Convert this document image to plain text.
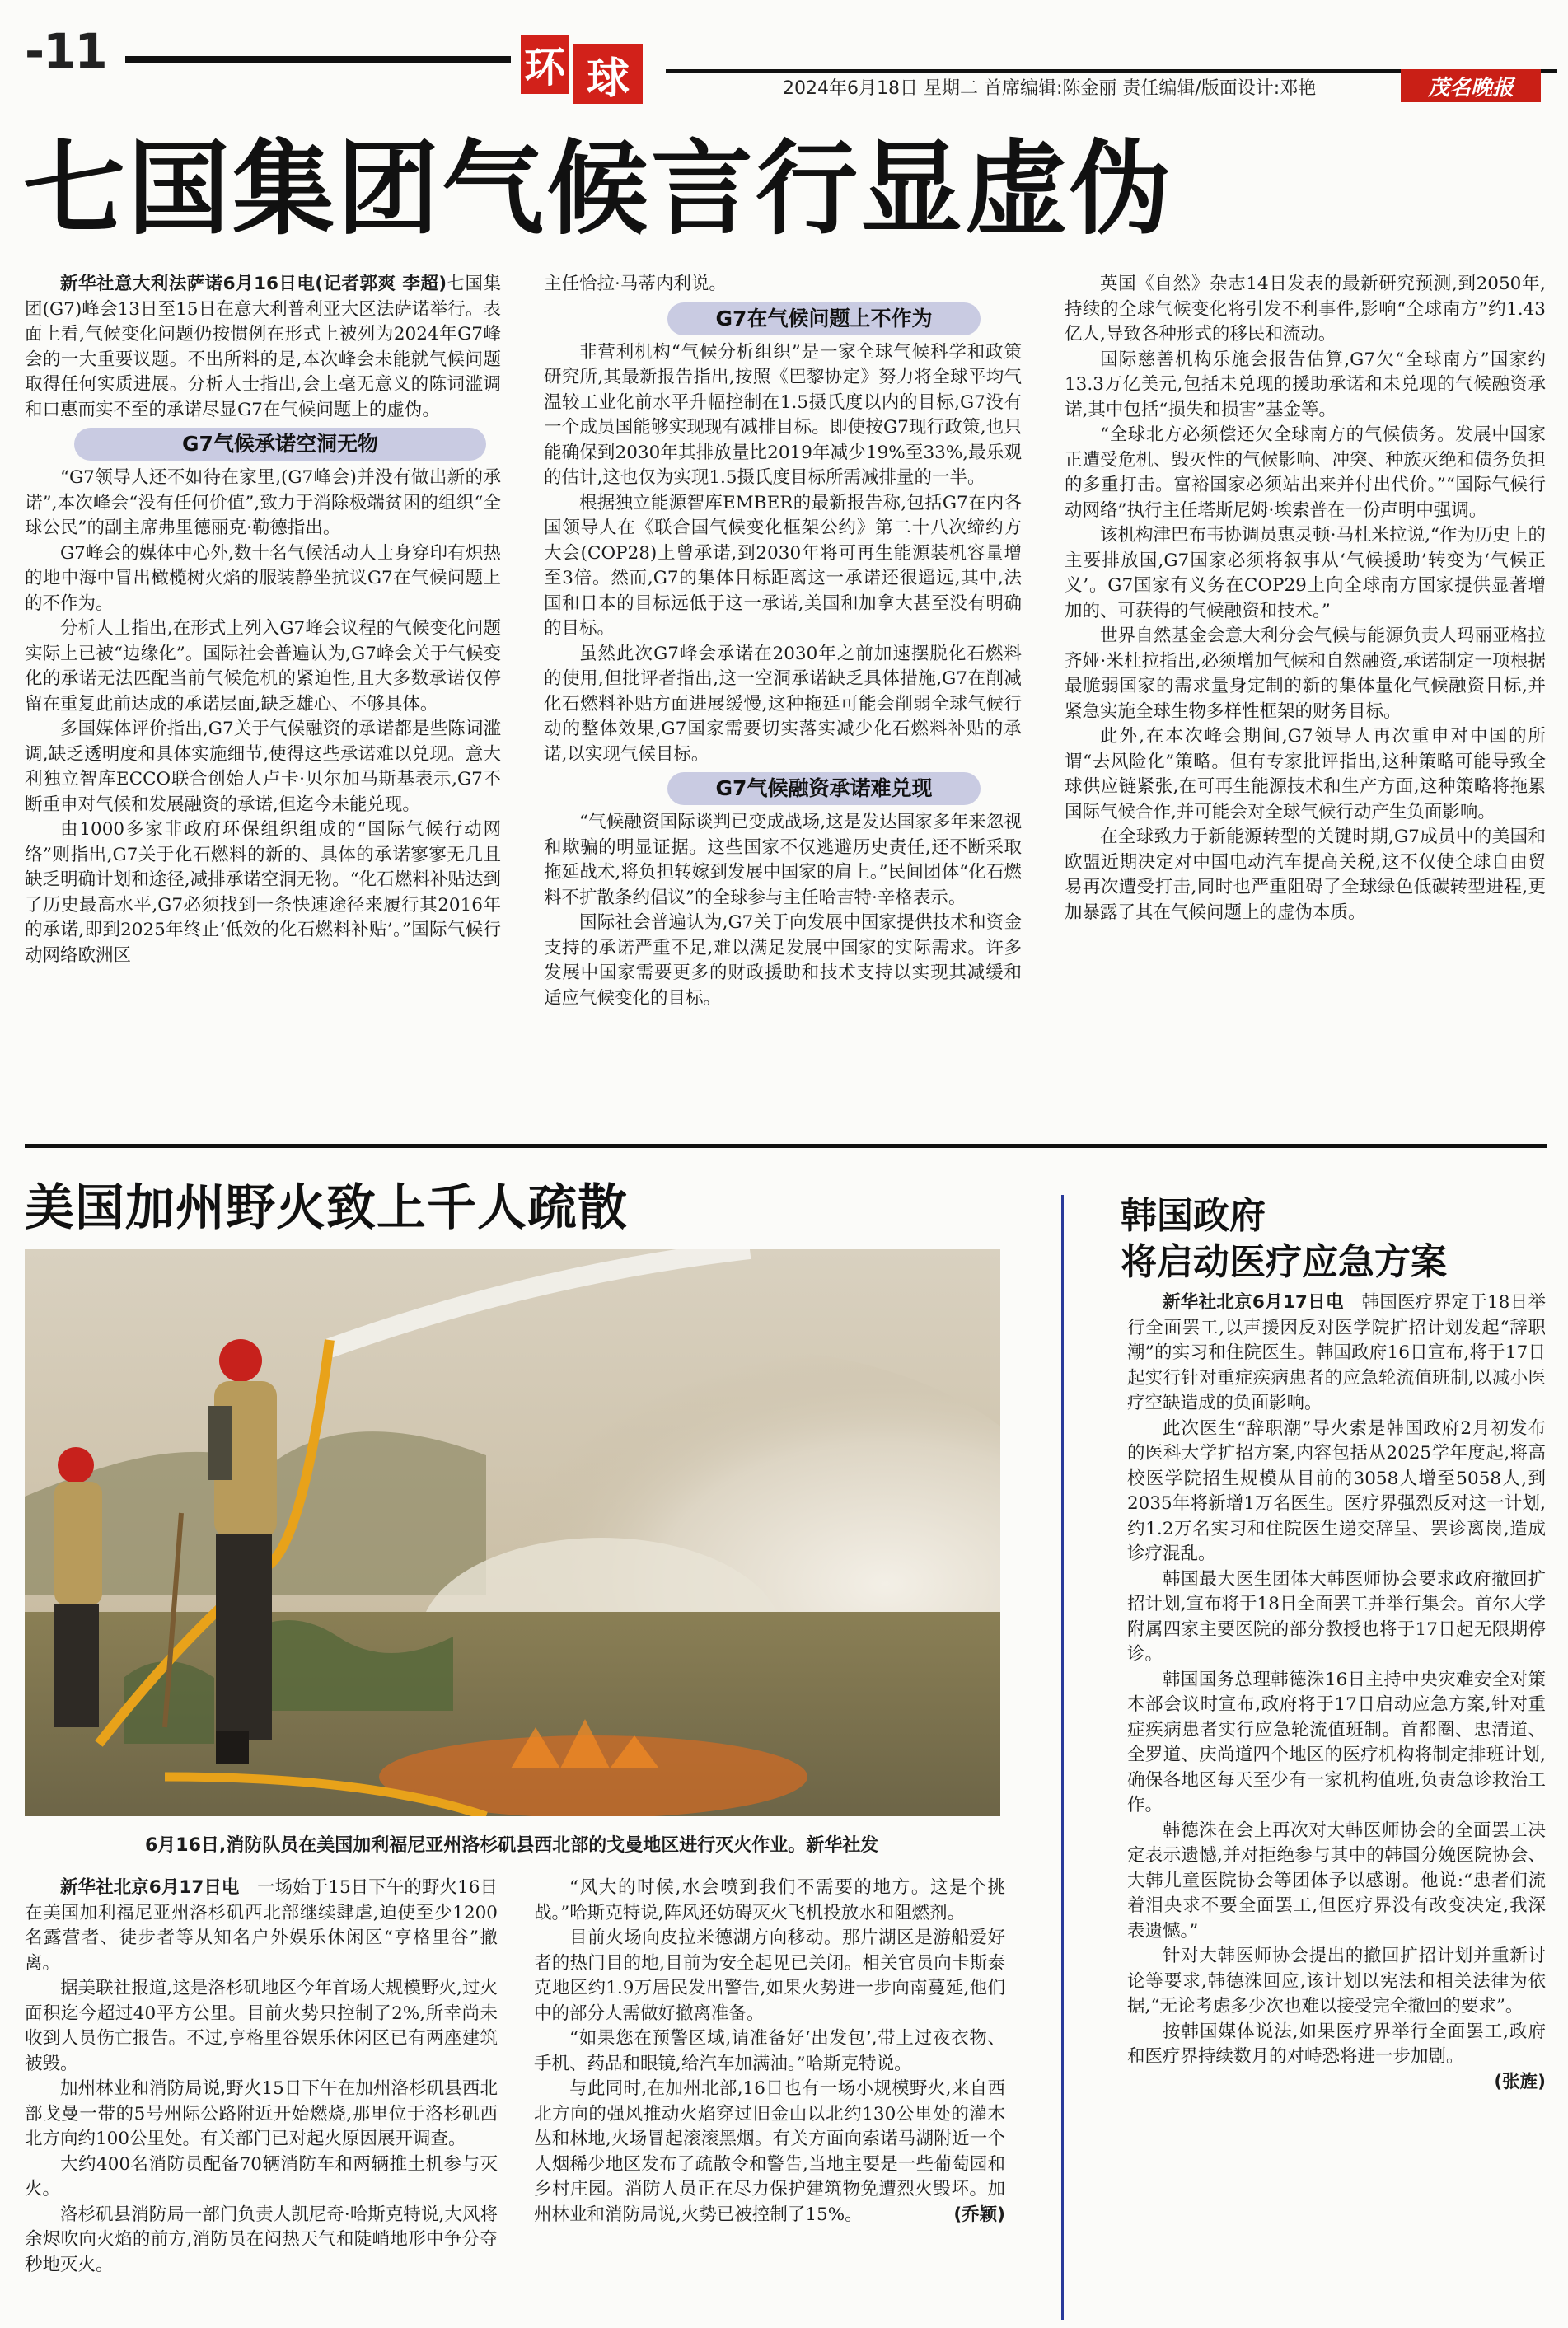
-11	环 球	2024年6月18日 星期二 首席编辑:陈金丽 责任编辑/版面设计:邓艳	茂名晚报
七国集团气候言行显虚伪

新华社意大利法萨诺6月16日电(记者郭爽 李超)七国集团(G7)峰会13日至15日在意大利普利亚大区法萨诺举行。表面上看,气候变化问题仍按惯例在形式上被列为2024年G7峰会的一大重要议题。不出所料的是,本次峰会未能就气候问题取得任何实质进展。分析人士指出,会上毫无意义的陈词滥调和口惠而实不至的承诺尽显G7在气候问题上的虚伪。

G7气候承诺空洞无物

“G7领导人还不如待在家里,(G7峰会)并没有做出新的承诺”,本次峰会“没有任何价值”,致力于消除极端贫困的组织“全球公民”的副主席弗里德丽克·勒德指出。

G7峰会的媒体中心外,数十名气候活动人士身穿印有炽热的地中海中冒出橄榄树火焰的服装静坐抗议G7在气候问题上的不作为。

分析人士指出,在形式上列入G7峰会议程的气候变化问题实际上已被“边缘化”。国际社会普遍认为,G7峰会关于气候变化的承诺无法匹配当前气候危机的紧迫性,且大多数承诺仅停留在重复此前达成的承诺层面,缺乏雄心、不够具体。

多国媒体评价指出,G7关于气候融资的承诺都是些陈词滥调,缺乏透明度和具体实施细节,使得这些承诺难以兑现。意大利独立智库ECCO联合创始人卢卡·贝尔加马斯基表示,G7不断重申对气候和发展融资的承诺,但迄今未能兑现。

由1000多家非政府环保组织组成的“国际气候行动网络”则指出,G7关于化石燃料的新的、具体的承诺寥寥无几且缺乏明确计划和途径,减排承诺空洞无物。“化石燃料补贴达到了历史最高水平,G7必须找到一条快速途径来履行其2016年的承诺,即到2025年终止‘低效的化石燃料补贴’。”国际气候行动网络欧洲区

主任恰拉·马蒂内利说。

G7在气候问题上不作为

非营利机构“气候分析组织”是一家全球气候科学和政策研究所,其最新报告指出,按照《巴黎协定》努力将全球平均气温较工业化前水平升幅控制在1.5摄氏度以内的目标,G7没有一个成员国能够实现现有减排目标。即使按G7现行政策,也只能确保到2030年其排放量比2019年减少19%至33%,最乐观的估计,这也仅为实现1.5摄氏度目标所需减排量的一半。

根据独立能源智库EMBER的最新报告称,包括G7在内各国领导人在《联合国气候变化框架公约》第二十八次缔约方大会(COP28)上曾承诺,到2030年将可再生能源装机容量增至3倍。然而,G7的集体目标距离这一承诺还很遥远,其中,法国和日本的目标远低于这一承诺,美国和加拿大甚至没有明确的目标。

虽然此次G7峰会承诺在2030年之前加速摆脱化石燃料的使用,但批评者指出,这一空洞承诺缺乏具体措施,G7在削减化石燃料补贴方面进展缓慢,这种拖延可能会削弱全球气候行动的整体效果,G7国家需要切实落实减少化石燃料补贴的承诺,以实现气候目标。

G7气候融资承诺难兑现

“气候融资国际谈判已变成战场,这是发达国家多年来忽视和欺骗的明显证据。这些国家不仅逃避历史责任,还不断采取拖延战术,将负担转嫁到发展中国家的肩上。”民间团体“化石燃料不扩散条约倡议”的全球参与主任哈吉特·辛格表示。

国际社会普遍认为,G7关于向发展中国家提供技术和资金支持的承诺严重不足,难以满足发展中国家的实际需求。许多发展中国家需要更多的财政援助和技术支持以实现其减缓和适应气候变化的目标。

英国《自然》杂志14日发表的最新研究预测,到2050年,持续的全球气候变化将引发不利事件,影响“全球南方”约1.43亿人,导致各种形式的移民和流动。

国际慈善机构乐施会报告估算,G7欠“全球南方”国家约13.3万亿美元,包括未兑现的援助承诺和未兑现的气候融资承诺,其中包括“损失和损害”基金等。

“全球北方必须偿还欠全球南方的气候债务。发展中国家正遭受危机、毁灭性的气候影响、冲突、种族灭绝和债务负担的多重打击。富裕国家必须站出来并付出代价。”“国际气候行动网络”执行主任塔斯尼姆·埃索普在一份声明中强调。

该机构津巴布韦协调员惠灵顿·马杜米拉说,“作为历史上的主要排放国,G7国家必须将叙事从‘气候援助’转变为‘气候正义’。G7国家有义务在COP29上向全球南方国家提供显著增加的、可获得的气候融资和技术。”

世界自然基金会意大利分会气候与能源负责人玛丽亚格拉齐娅·米杜拉指出,必须增加气候和自然融资,承诺制定一项根据最脆弱国家的需求量身定制的新的集体量化气候融资目标,并紧急实施全球生物多样性框架的财务目标。

此外,在本次峰会期间,G7领导人再次重申对中国的所谓“去风险化”策略。但有专家批评指出,这种策略可能导致全球供应链紧张,在可再生能源技术和生产方面,这种策略将拖累国际气候合作,并可能会对全球气候行动产生负面影响。

在全球致力于新能源转型的关键时期,G7成员中的美国和欧盟近期决定对中国电动汽车提高关税,这不仅使全球自由贸易再次遭受打击,同时也严重阻碍了全球绿色低碳转型进程,更加暴露了其在气候问题上的虚伪本质。

美国加州野火致上千人疏散
6月16日,消防队员在美国加利福尼亚州洛杉矶县西北部的戈曼地区进行灭火作业。新华社发

新华社北京6月17日电　 一场始于15日下午的野火16日在美国加利福尼亚州洛杉矶西北部继续肆虐,迫使至少1200名露营者、徒步者等从知名户外娱乐休闲区“亨格里谷”撤离。

据美联社报道,这是洛杉矶地区今年首场大规模野火,过火面积迄今超过40平方公里。目前火势只控制了2%,所幸尚未收到人员伤亡报告。不过,亨格里谷娱乐休闲区已有两座建筑被毁。

加州林业和消防局说,野火15日下午在加州洛杉矶县西北部戈曼一带的5号州际公路附近开始燃烧,那里位于洛杉矶西北方向约100公里处。有关部门已对起火原因展开调查。

大约400名消防员配备70辆消防车和两辆推土机参与灭火。

洛杉矶县消防局一部门负责人凯尼奇·哈斯克特说,大风将余烬吹向火焰的前方,消防员在闷热天气和陡峭地形中争分夺秒地灭火。

“风大的时候,水会喷到我们不需要的地方。这是个挑战。”哈斯克特说,阵风还妨碍灭火飞机投放水和阻燃剂。

目前火场向皮拉米德湖方向移动。那片湖区是游船爱好者的热门目的地,目前为安全起见已关闭。相关官员向卡斯泰克地区约1.9万居民发出警告,如果火势进一步向南蔓延,他们中的部分人需做好撤离准备。

“如果您在预警区域,请准备好‘出发包’,带上过夜衣物、手机、药品和眼镜,给汽车加满油。”哈斯克特说。

与此同时,在加州北部,16日也有一场小规模野火,来自西北方向的强风推动火焰穿过旧金山以北约130公里处的灌木丛和林地,火场冒起滚滚黑烟。有关方面向索诺马湖附近一个人烟稀少地区发布了疏散令和警告,当地主要是一些葡萄园和乡村庄园。消防人员正在尽力保护建筑物免遭烈火毁坏。加州林业和消防局说,火势已被控制了15%。	(乔颖)

韩国政府
将启动医疗应急方案

新华社北京6月17日电　 韩国医疗界定于18日举行全面罢工,以声援因反对医学院扩招计划发起“辞职潮”的实习和住院医生。韩国政府16日宣布,将于17日起实行针对重症疾病患者的应急轮流值班制,以减小医疗空缺造成的负面影响。

此次医生“辞职潮”导火索是韩国政府2月初发布的医科大学扩招方案,内容包括从2025学年度起,将高校医学院招生规模从目前的3058人增至5058人,到2035年将新增1万名医生。医疗界强烈反对这一计划,约1.2万名实习和住院医生递交辞呈、罢诊离岗,造成诊疗混乱。

韩国最大医生团体大韩医师协会要求政府撤回扩招计划,宣布将于18日全面罢工并举行集会。首尔大学附属四家主要医院的部分教授也将于17日起无限期停诊。

韩国国务总理韩德洙16日主持中央灾难安全对策本部会议时宣布,政府将于17日启动应急方案,针对重症疾病患者实行应急轮流值班制。首都圈、忠清道、全罗道、庆尚道四个地区的医疗机构将制定排班计划,确保各地区每天至少有一家机构值班,负责急诊救治工作。

韩德洙在会上再次对大韩医师协会的全面罢工决定表示遗憾,并对拒绝参与其中的韩国分娩医院协会、大韩儿童医院协会等团体予以感谢。他说:“患者们流着泪央求不要全面罢工,但医疗界没有改变决定,我深表遗憾。”

针对大韩医师协会提出的撤回扩招计划并重新讨论等要求,韩德洙回应,该计划以宪法和相关法律为依据,“无论考虑多少次也难以接受完全撤回的要求”。

按韩国媒体说法,如果医疗界举行全面罢工,政府和医疗界持续数月的对峙恐将进一步加剧。

(张旌)
